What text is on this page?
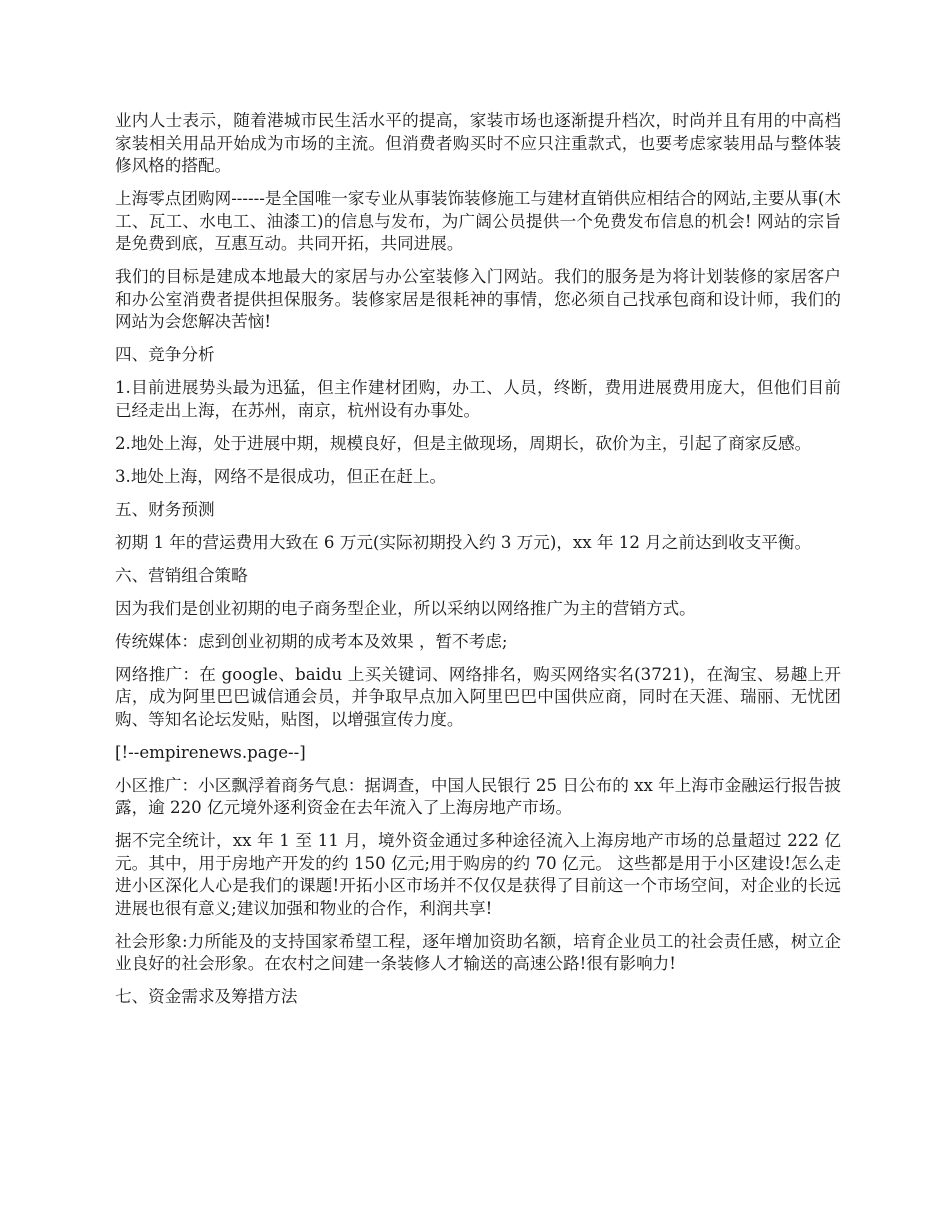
业内人士表示，随着港城市民生活水平的提高，家装市场也逐渐提升档次，时尚并且有用的中高档家装相关用品开始成为市场的主流。但消费者购买时不应只注重款式，也要考虑家装用品与整体装修风格的搭配。

上海零点团购网------是全国唯一家专业从事装饰装修施工与建材直销供应相结合的网站,主要从事(木工、瓦工、水电工、油漆工)的信息与发布，为广阔公员提供一个免费发布信息的机会! 网站的宗旨是免费到底，互惠互动。共同开拓，共同进展。

我们的目标是建成本地最大的家居与办公室装修入门网站。我们的服务是为将计划装修的家居客户和办公室消费者提供担保服务。装修家居是很耗神的事情，您必须自己找承包商和设计师，我们的网站为会您解决苦恼!

四、竞争分析

1.目前进展势头最为迅猛，但主作建材团购，办工、人员，终断，费用进展费用庞大，但他们目前已经走出上海，在苏州，南京，杭州设有办事处。

2.地处上海，处于进展中期，规模良好，但是主做现场，周期长，砍价为主，引起了商家反感。

3.地处上海，网络不是很成功，但正在赶上。

五、财务预测

初期 1 年的营运费用大致在 6 万元(实际初期投入约 3 万元)，xx 年 12 月之前达到收支平衡。

六、营销组合策略

因为我们是创业初期的电子商务型企业，所以采纳以网络推广为主的营销方式。

传统媒体：虑到创业初期的成考本及效果 ，暂不考虑;

网络推广：在 google、baidu 上买关键词、网络排名，购买网络实名(3721)，在淘宝、易趣上开店，成为阿里巴巴诚信通会员，并争取早点加入阿里巴巴中国供应商，同时在天涯、瑞丽、无忧团购、等知名论坛发贴，贴图，以增强宣传力度。

[!--empirenews.page--]

小区推广：小区飘浮着商务气息：据调查，中国人民银行 25 日公布的 xx 年上海市金融运行报告披露，逾 220 亿元境外逐利资金在去年流入了上海房地产市场。

据不完全统计，xx 年 1 至 11 月，境外资金通过多种途径流入上海房地产市场的总量超过 222 亿元。其中，用于房地产开发的约 150 亿元;用于购房的约 70 亿元。 这些都是用于小区建设!怎么走进小区深化人心是我们的课题!开拓小区市场并不仅仅是获得了目前这一个市场空间，对企业的长远进展也很有意义;建议加强和物业的合作，利润共享!

社会形象:力所能及的支持国家希望工程，逐年增加资助名额，培育企业员工的社会责任感，树立企业良好的社会形象。在农村之间建一条装修人才输送的高速公路!很有影响力!

七、资金需求及筹措方法
